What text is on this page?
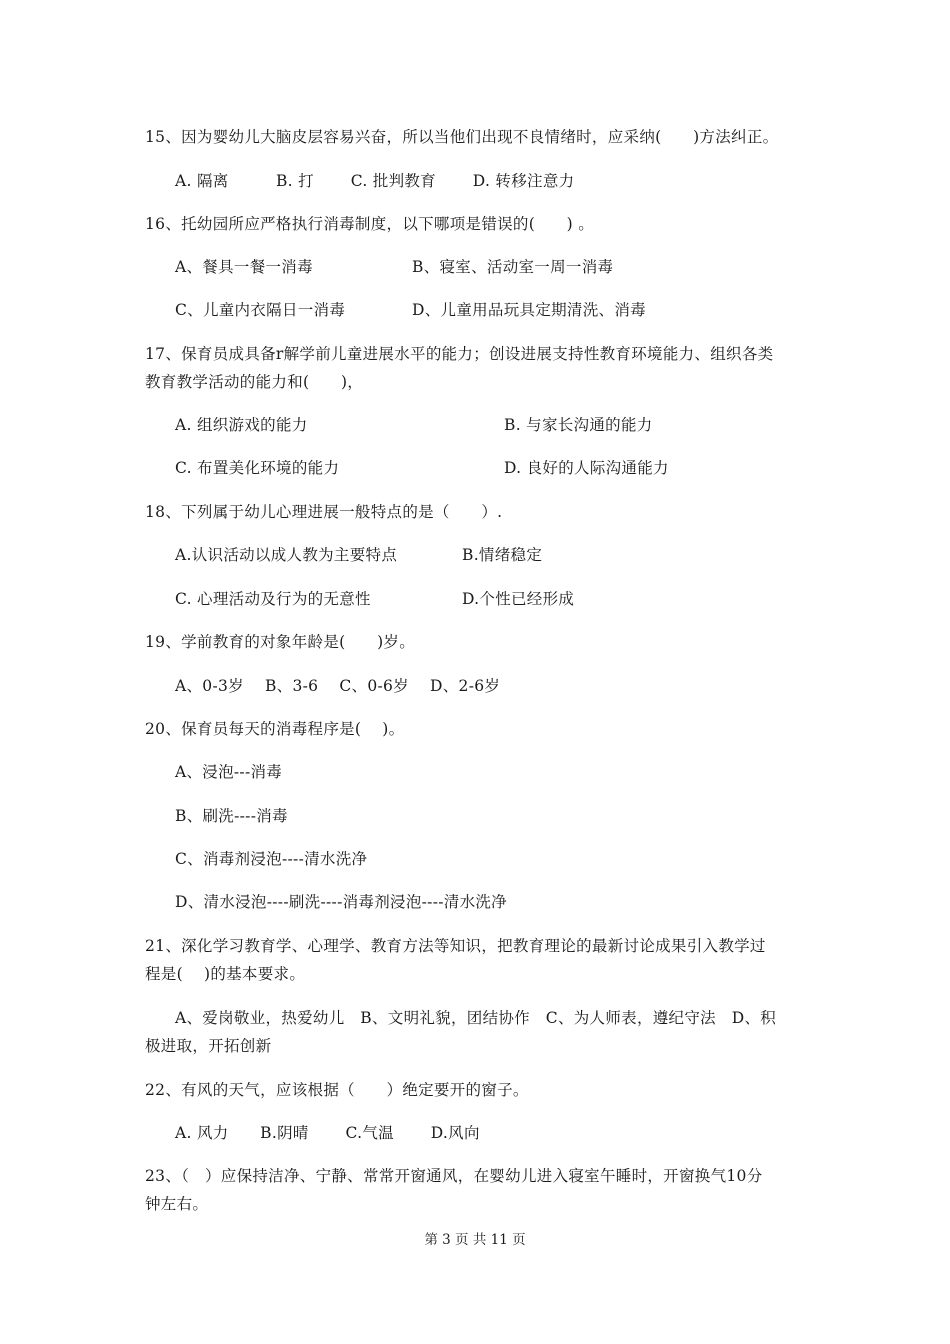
15、因为婴幼儿大脑皮层容易兴奋，所以当他们出现不良情绪时，应采纳(　　)方法纠正。
A. 隔离　　　B. 打　　 C. 批判教育　　 D. 转移注意力
16、托幼园所应严格执行消毒制度，以下哪项是错误的(　　) 。
A、餐具一餐一消毒	B、寝室、活动室一周一消毒
C、儿童内衣隔日一消毒	D、儿童用品玩具定期清洗、消毒
17、保育员成具备r解学前儿童进展水平的能力；创设进展支持性教育环境能力、组织各类
教育教学活动的能力和(　　)，
A. 组织游戏的能力	B. 与家长沟通的能力
C. 布置美化环境的能力	D. 良好的人际沟通能力
18、下列属于幼儿心理进展一般特点的是（　　）.
A.认识活动以成人教为主要特点	B.情绪稳定
C. 心理活动及行为的无意性	D.个性已经形成
19、学前教育的对象年龄是(　　)岁。
A、0-3岁　 B、3-6　 C、0-6岁　 D、2-6岁
20、保育员每天的消毒程序是(　 )。
A、浸泡---消毒
B、刷洗----消毒
C、消毒剂浸泡----清水洗净
D、清水浸泡----刷洗----消毒剂浸泡----清水洗净
21、深化学习教育学、心理学、教育方法等知识，把教育理论的最新讨论成果引入教学过
程是(　 )的基本要求。
A、爱岗敬业，热爱幼儿　B、文明礼貌，团结协作　C、为人师表，遵纪守法　D、积
极进取，开拓创新
22、有风的天气，应该根据（　　）绝定要开的窗子。
A. 风力　　B.阴晴　　 C.气温　　 D.风向
23、（　）应保持洁净、宁静、常常开窗通风，在婴幼儿进入寝室午睡时，开窗换气10分
钟左右。
第 3 页 共 11 页
